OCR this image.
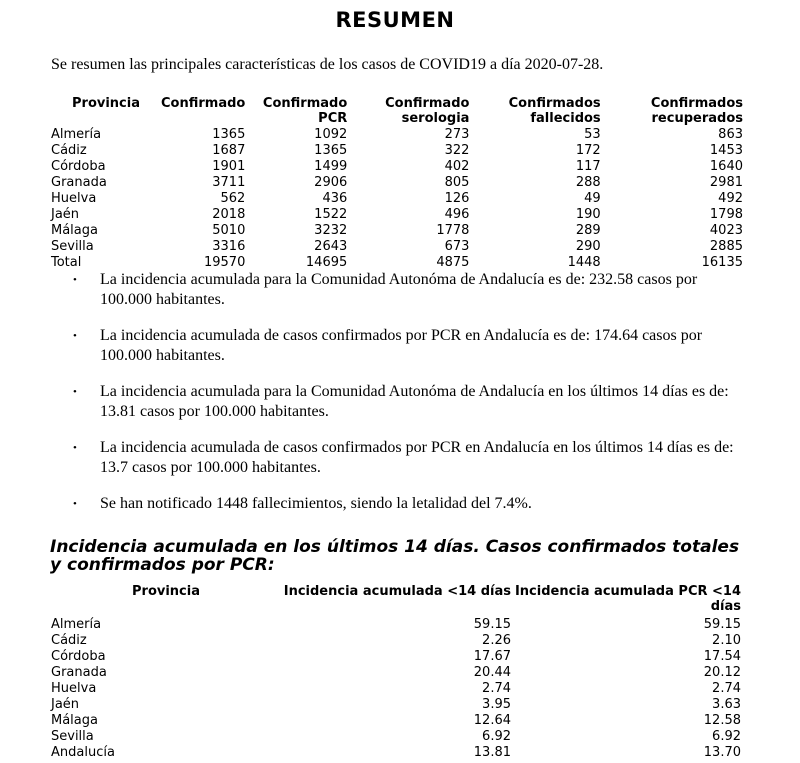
RESUMEN
Se resumen las principales características de los casos de COVID19 a día 2020-07-28.
Provincia	Confirmado	Confirmado PCR	Confirmado serologia	Confirmados fallecidos	Confirmados recuperados
Almería	1365	1092	273	53	863
Cádiz	1687	1365	322	172	1453
Córdoba	1901	1499	402	117	1640
Granada	3711	2906	805	288	2981
Huelva	562	436	126	49	492
Jaén	2018	1522	496	190	1798
Málaga	5010	3232	1778	289	4023
Sevilla	3316	2643	673	290	2885
Total	19570	14695	4875	1448	16135
• La incidencia acumulada para la Comunidad Autonóma de Andalucía es de: 232.58 casos por 100.000 habitantes.
• La incidencia acumulada de casos confirmados por PCR en Andalucía es de: 174.64 casos por 100.000 habitantes.
• La incidencia acumulada para la Comunidad Autonóma de Andalucía en los últimos 14 días es de: 13.81 casos por 100.000 habitantes.
• La incidencia acumulada de casos confirmados por PCR en Andalucía en los últimos 14 días es de: 13.7 casos por 100.000 habitantes.
• Se han notificado 1448 fallecimientos, siendo la letalidad del 7.4%.
Incidencia acumulada en los últimos 14 días. Casos confirmados totales y confirmados por PCR:
Provincia	Incidencia acumulada <14 días	Incidencia acumulada PCR <14 días
Almería	59.15	59.15
Cádiz	2.26	2.10
Córdoba	17.67	17.54
Granada	20.44	20.12
Huelva	2.74	2.74
Jaén	3.95	3.63
Málaga	12.64	12.58
Sevilla	6.92	6.92
Andalucía	13.81	13.70
